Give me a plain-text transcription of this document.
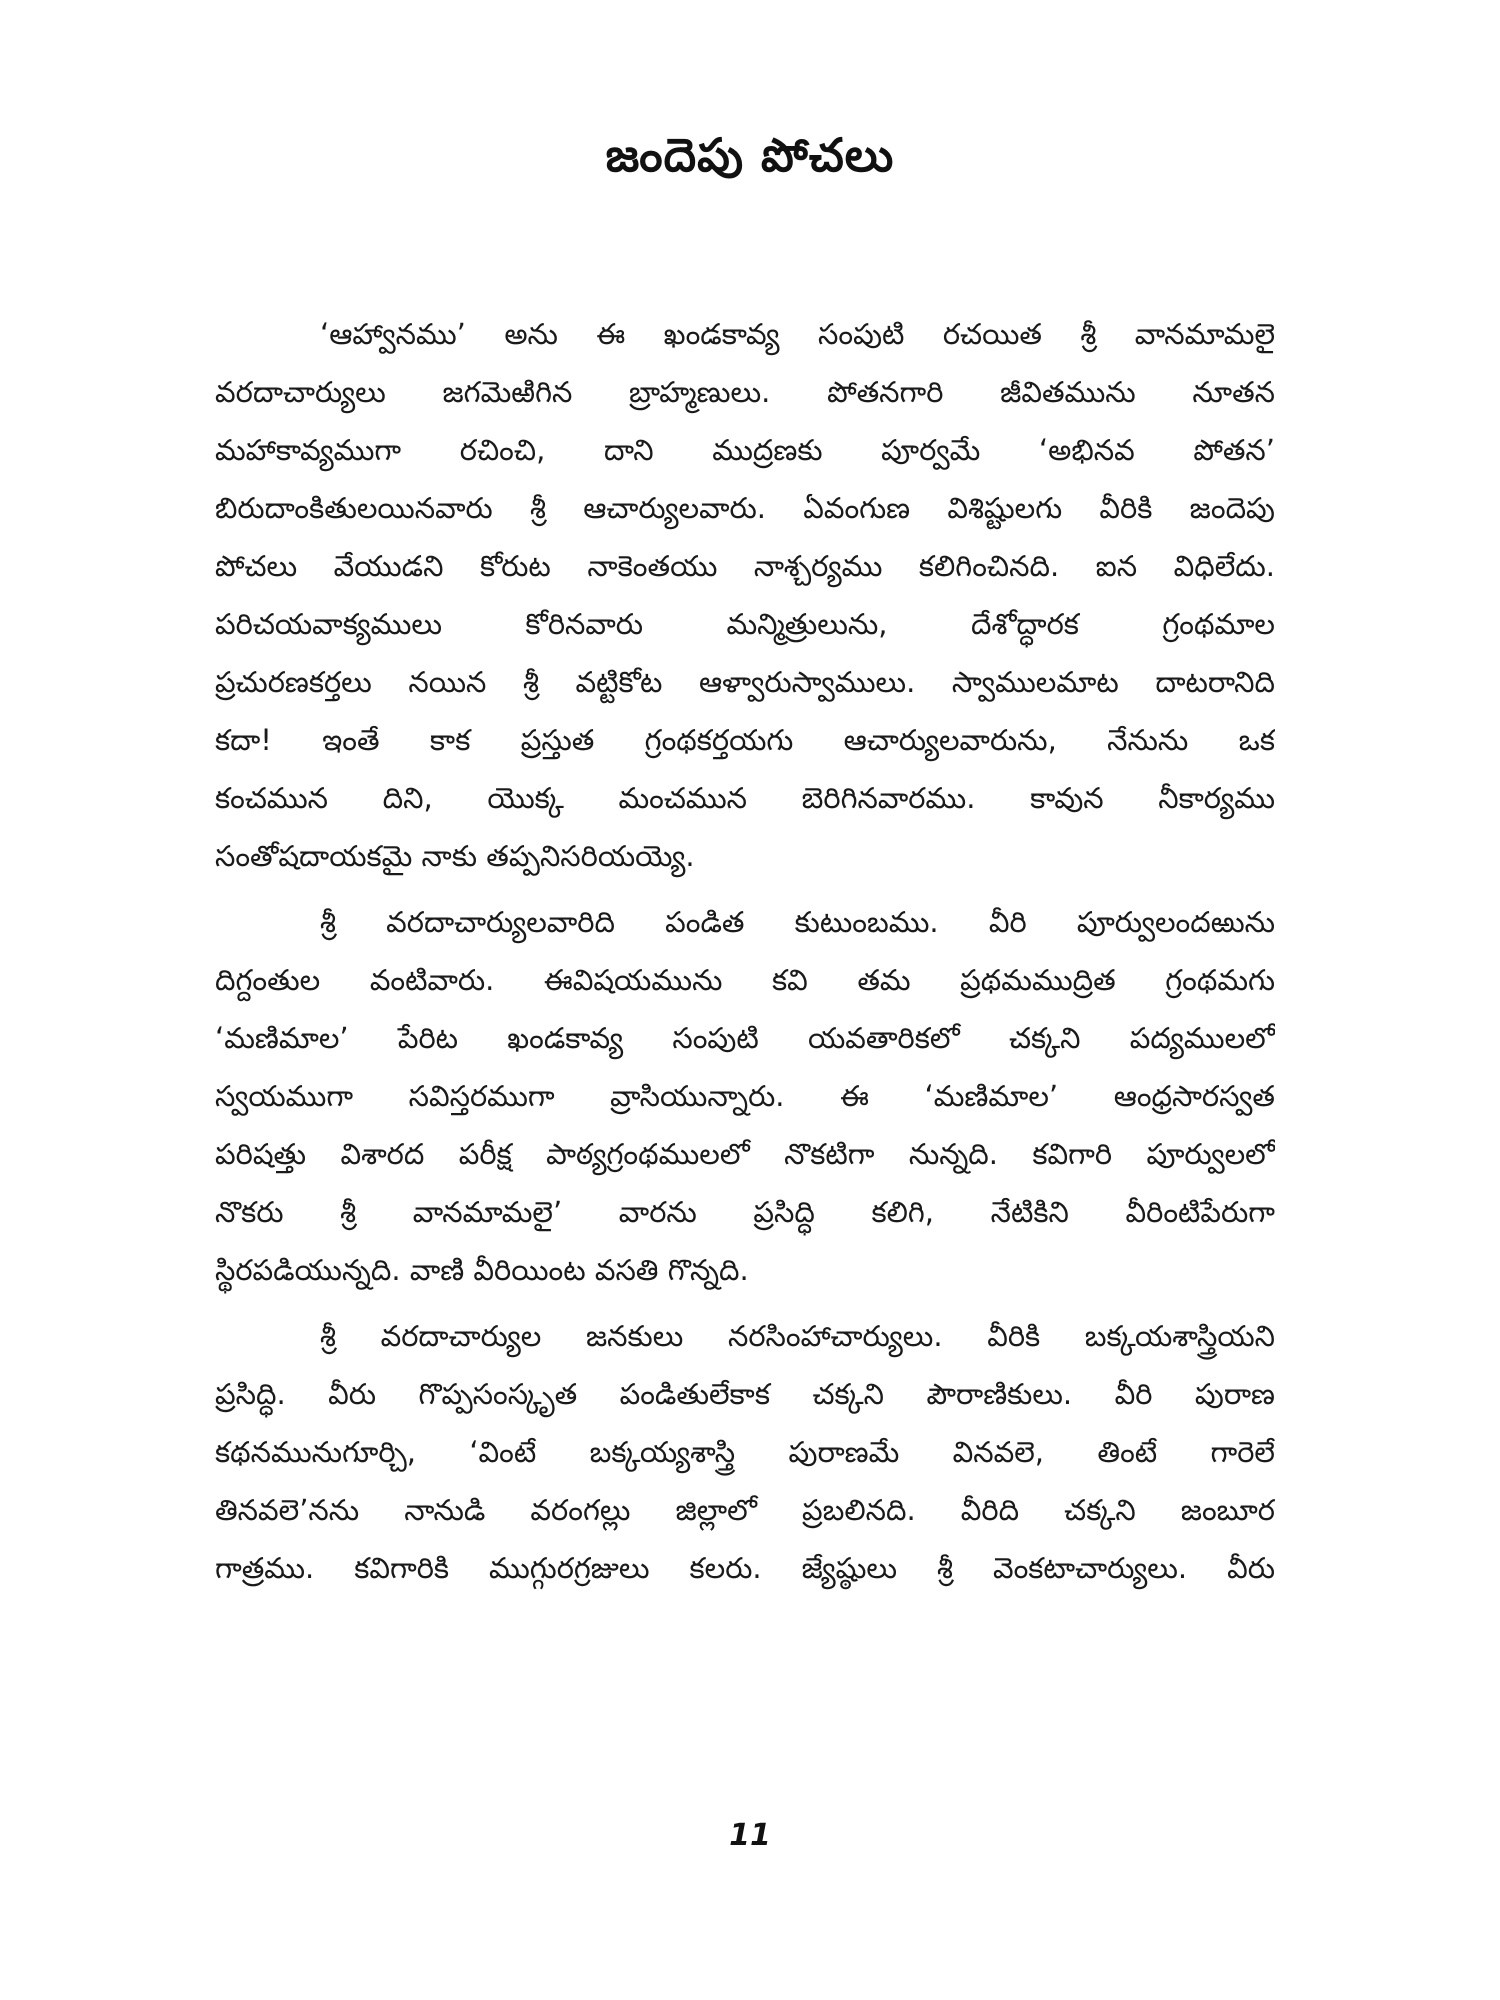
జందెపు పోచలు
‘ఆహ్వానము’ అను ఈ ఖండకావ్య సంపుటి రచయిత శ్రీ వానమామలై
వరదాచార్యులు జగమెఱిగిన బ్రాహ్మణులు. పోతనగారి జీవితమును నూతన
మహాకావ్యముగా రచించి, దాని ముద్రణకు పూర్వమే ‘అభినవ పోతన’
బిరుదాంకితులయినవారు శ్రీ ఆచార్యులవారు. ఏవంగుణ విశిష్టులగు వీరికి జందెపు
పోచలు వేయుడని కోరుట నాకెంతయు నాశ్చర్యము కలిగించినది. ఐన విధిలేదు.
పరిచయవాక్యములు కోరినవారు మన్మిత్రులును, దేశోద్ధారక గ్రంథమాల
ప్రచురణకర్తలు నయిన శ్రీ వట్టికోట ఆళ్వారుస్వాములు. స్వాములమాట దాటరానిది
కదా! ఇంతే కాక ప్రస్తుత గ్రంథకర్తయగు ఆచార్యులవారును, నేనును ఒక
కంచమున దిని, యొక్క మంచమున బెరిగినవారము. కావున నీకార్యము
సంతోషదాయకమై నాకు తప్పనిసరియయ్యె.
శ్రీ వరదాచార్యులవారిది పండిత కుటుంబము. వీరి పూర్వులందఱును
దిగ్దంతుల వంటివారు. ఈవిషయమును కవి తమ ప్రథమముద్రిత గ్రంథమగు
‘మణిమాల’ పేరిట ఖండకావ్య సంపుటి యవతారికలో చక్కని పద్యములలో
స్వయముగా సవిస్తరముగా వ్రాసియున్నారు. ఈ ‘మణిమాల’ ఆంధ్రసారస్వత
పరిషత్తు విశారద పరీక్ష పాఠ్యగ్రంథములలో నొకటిగా నున్నది. కవిగారి పూర్వులలో
నొకరు శ్రీ వానమామలై’ వారను ప్రసిద్ధి కలిగి, నేటికిని వీరింటిపేరుగా
స్థిరపడియున్నది. వాణి వీరియింట వసతి గొన్నది.
శ్రీ వరదాచార్యుల జనకులు నరసింహాచార్యులు. వీరికి బక్కయశాస్త్రియని
ప్రసిద్ధి. వీరు గొప్పసంస్కృత పండితులేకాక చక్కని పౌరాణికులు. వీరి పురాణ
కథనమునుగూర్చి, ‘వింటే బక్కయ్యశాస్త్రి పురాణమే వినవలె, తింటే గారెలే
తినవలె’నను నానుడి వరంగల్లు జిల్లాలో ప్రబలినది. వీరిది చక్కని జంబూర
గాత్రము. కవిగారికి ముగ్గురగ్రజులు కలరు. జ్యేష్ఠులు శ్రీ వెంకటాచార్యులు. వీరు
11
